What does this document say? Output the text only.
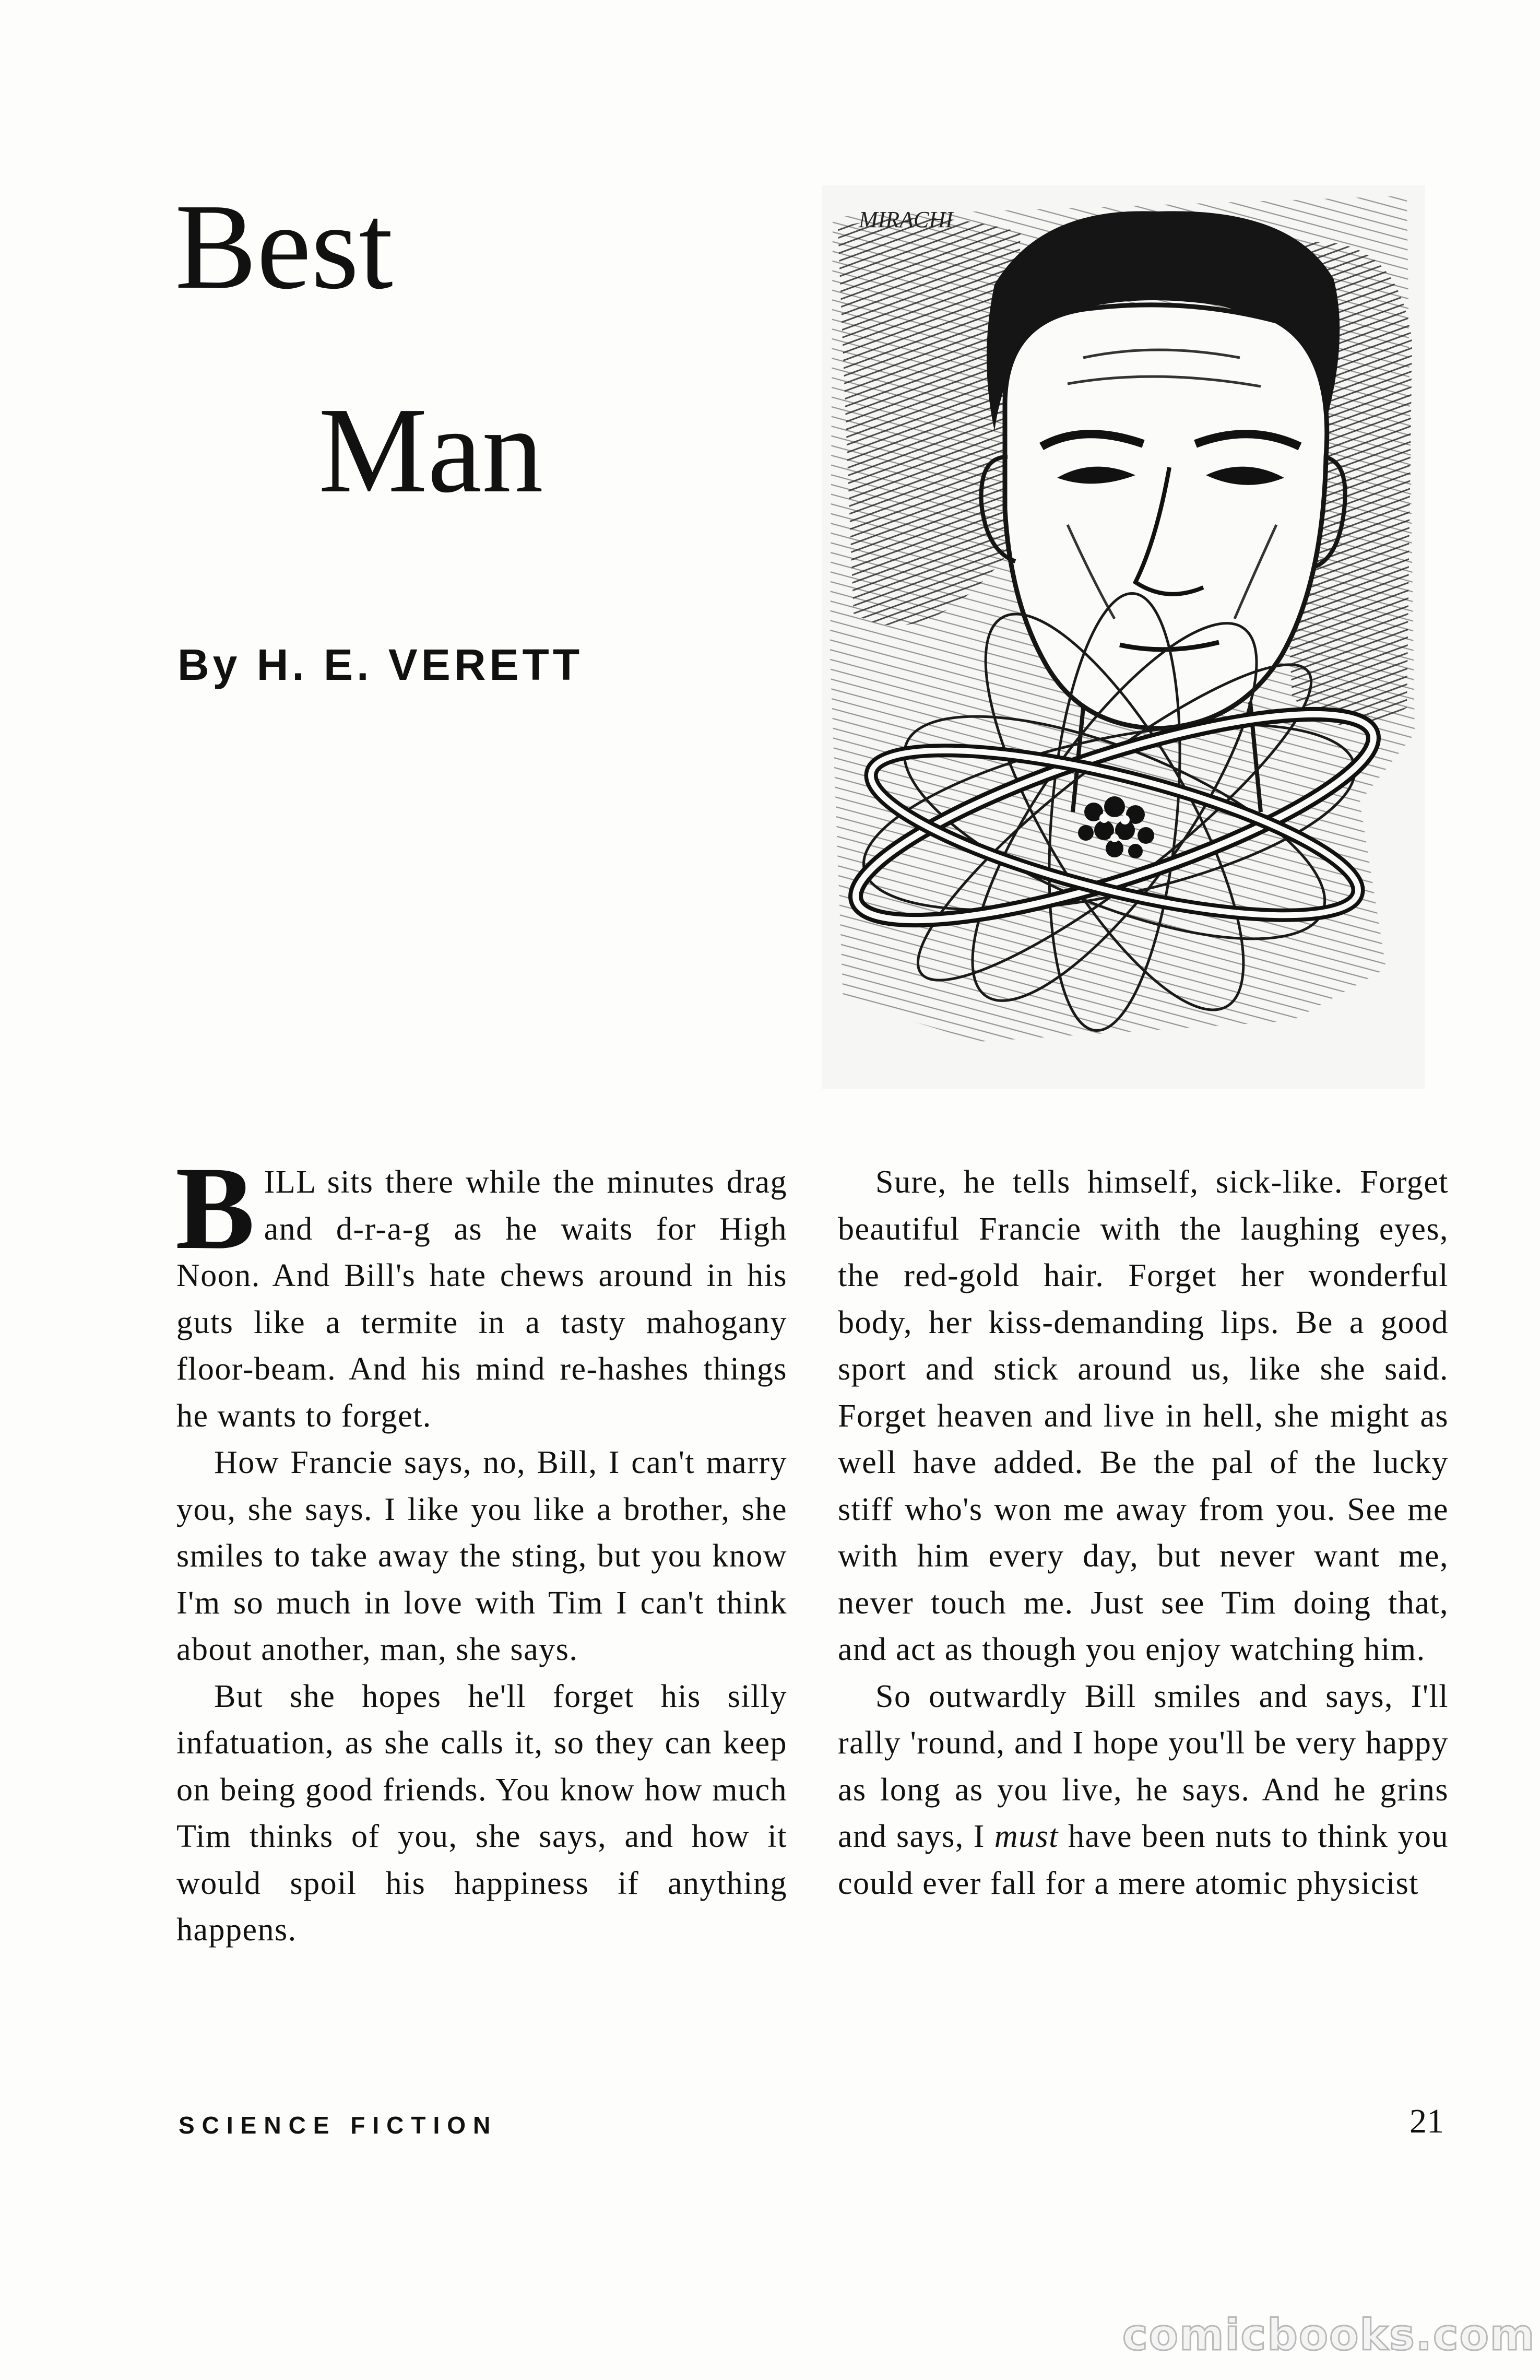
Best
Man
By H. E. VERETT
MIRACHI

BILL sits there while the minutes drag and d-r-a-g as he waits for High Noon. And Bill's hate chews around in his guts like a termite in a tasty mahogany floor-beam. And his mind re-hashes things he wants to forget.

How Francie says, no, Bill, I can't marry you, she says. I like you like a brother, she smiles to take away the sting, but you know I'm so much in love with Tim I can't think about another, man, she says.

But she hopes he'll forget his silly infatuation, as she calls it, so they can keep on being good friends. You know how much Tim thinks of you, she says, and how it would spoil his happiness if anything happens.

Sure, he tells himself, sick-like. Forget beautiful Francie with the laughing eyes, the red-gold hair. Forget her wonderful body, her kiss-demanding lips. Be a good sport and stick around us, like she said. Forget heaven and live in hell, she might as well have added. Be the pal of the lucky stiff who's won me away from you. See me with him every day, but never want me, never touch me. Just see Tim doing that, and act as though you enjoy watching him.

So outwardly Bill smiles and says, I'll rally 'round, and I hope you'll be very happy as long as you live, he says. And he grins and says, I must have been nuts to think you could ever fall for a mere atomic physicist

SCIENCE FICTION	21
comicbooks.com
